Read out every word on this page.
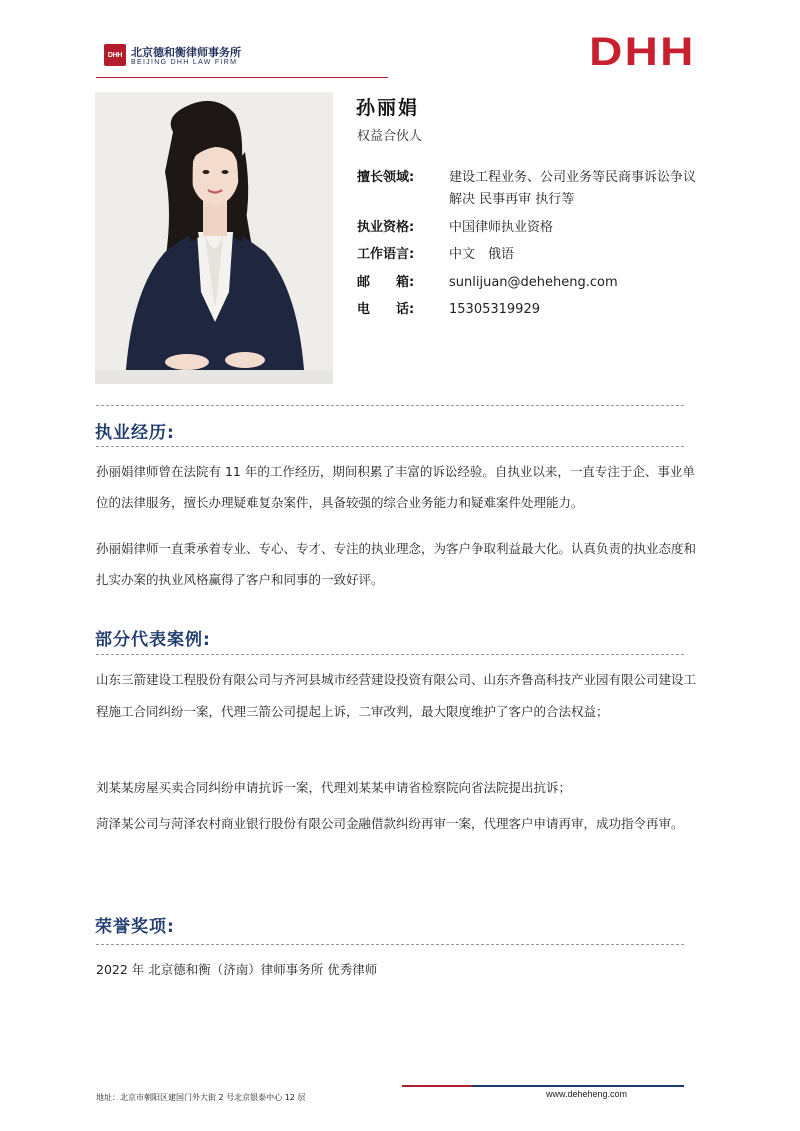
DHH 北京德和衡律师事务所
BEIJING DHH LAW FIRM	DHH
孙丽娟
权益合伙人
擅长领域:	建设工程业务、公司业务等民商事诉讼争议解决 民事再审 执行等
执业资格:	中国律师执业资格
工作语言:	中文　俄语
邮　　箱:	sunlijuan@deheheng.com
电　　话:	15305319929
执业经历:
孙丽娟律师曾在法院有 11 年的工作经历，期间积累了丰富的诉讼经验。自执业以来，一直专注于企、事业单位的法律服务，擅长办理疑难复杂案件，具备较强的综合业务能力和疑难案件处理能力。
孙丽娟律师一直秉承着专业、专心、专才、专注的执业理念，为客户争取利益最大化。认真负责的执业态度和扎实办案的执业风格赢得了客户和同事的一致好评。
部分代表案例:
山东三箭建设工程股份有限公司与齐河县城市经营建设投资有限公司、山东齐鲁高科技产业园有限公司建设工程施工合同纠纷一案，代理三箭公司提起上诉，二审改判，最大限度维护了客户的合法权益；
刘某某房屋买卖合同纠纷申请抗诉一案，代理刘某某申请省检察院向省法院提出抗诉；
菏泽某公司与菏泽农村商业银行股份有限公司金融借款纠纷再审一案，代理客户申请再审，成功指令再审。
荣誉奖项:
2022 年 北京德和衡（济南）律师事务所 优秀律师
地址：北京市朝阳区建国门外大街 2 号北京银泰中心 12 层	www.deheheng.com
